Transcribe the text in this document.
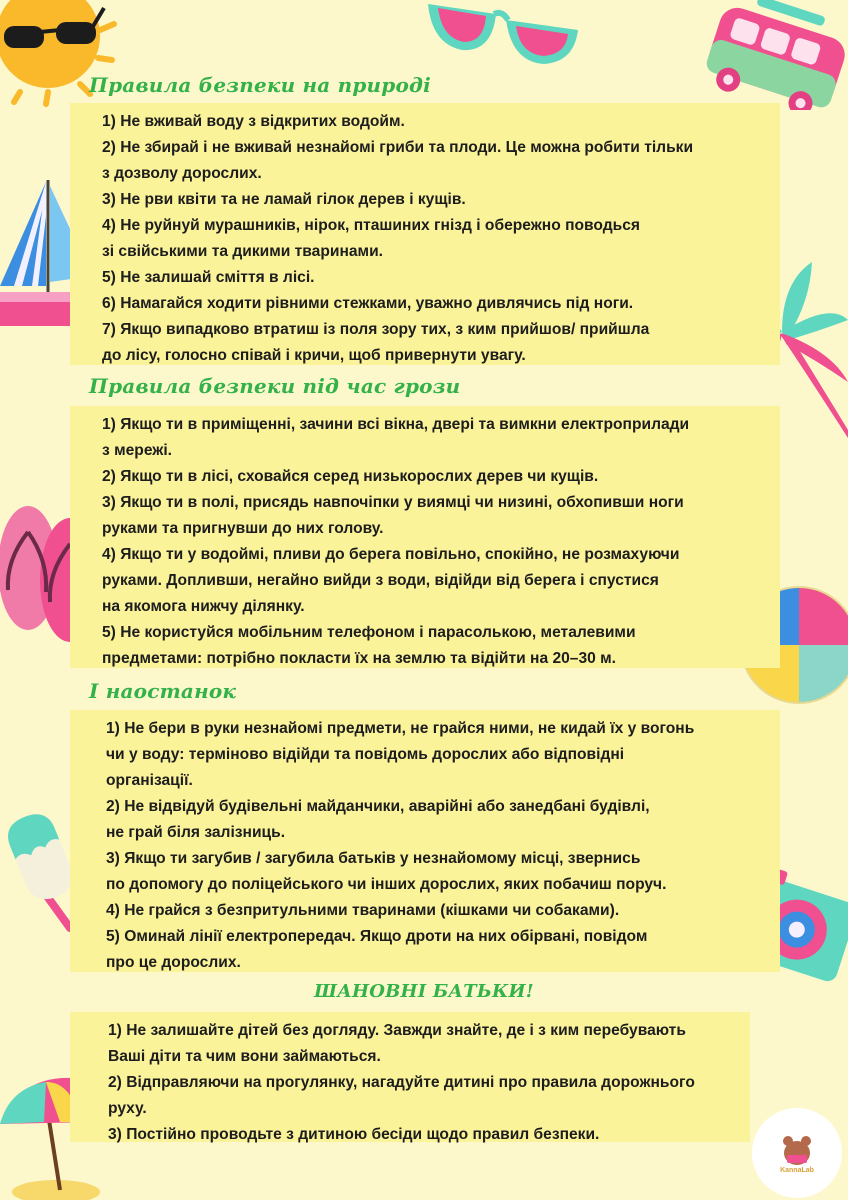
KannaLab
Правила безпеки на природі

1) Не вживай воду з відкритих водойм.

2) Не збирай і не вживай незнайомі гриби та плоди. Це можна робити тільки

з дозволу дорослих.

3) Не рви квіти та не ламай гілок дерев і кущів.

4) Не руйнуй мурашників, нірок, пташиних гнізд і обережно поводься

зі свійськими та дикими тваринами.

5) Не залишай сміття в лісі.

6) Намагайся ходити рівними стежками, уважно дивлячись під ноги.

7) Якщо випадково втратиш із поля зору тих, з ким прийшов/ прийшла

до лісу, голосно співай і кричи, щоб привернути увагу.

Правила безпеки під час грози

1) Якщо ти в приміщенні, зачини всі вікна, двері та вимкни електроприлади

з мережі.

2) Якщо ти в лісі, сховайся серед низькорослих дерев чи кущів.

3) Якщо ти в полі, присядь навпочіпки у виямці чи низині, обхопивши ноги

руками та пригнувши до них голову.

4) Якщо ти у водоймі, пливи до берега повільно, спокійно, не розмахуючи

руками. Допливши, негайно вийди з води, відійди від берега і спустися

на якомога нижчу ділянку.

5) Не користуйся мобільним телефоном і парасолькою, металевими

предметами: потрібно покласти їх на землю та відійти на 20–30 м.

І наостанок

1) Не бери в руки незнайомі предмети, не грайся ними, не кидай їх у вогонь

чи у воду: терміново відійди та повідомь дорослих або відповідні

організації.

2) Не відвідуй будівельні майданчики, аварійні або занедбані будівлі,

не грай біля залізниць.

3) Якщо ти загубив / загубила батьків у незнайомому місці, звернись

по допомогу до поліцейського чи інших дорослих, яких побачиш поруч.

4) Не грайся з безпритульними тваринами (кішками чи собаками).

5) Оминай лінії електропередач. Якщо дроти на них обірвані, повідом

про це дорослих.

ШАНОВНІ БАТЬКИ!

1) Не залишайте дітей без догляду. Завжди знайте, де і з ким перебувають

Ваші діти та чим вони займаються.

2) Відправляючи на прогулянку, нагадуйте дитині про правила дорожнього

руху.

3) Постійно проводьте з дитиною бесіди щодо правил безпеки.
